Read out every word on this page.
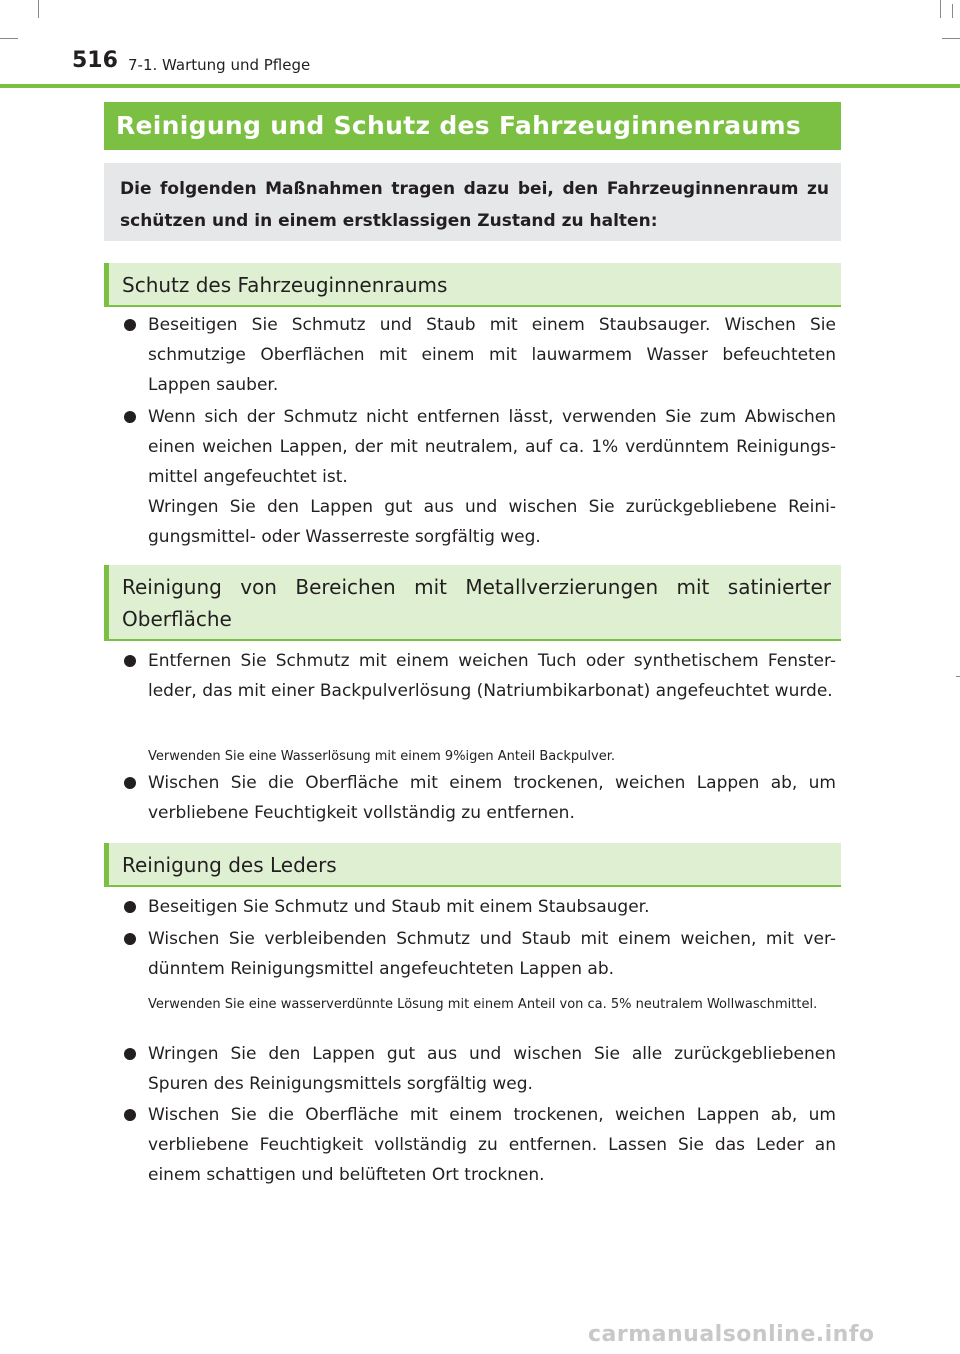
516 7-1. Wartung und Pflege
Reinigung und Schutz des Fahrzeuginnenraums
Die folgenden Maßnahmen tragen dazu bei, den Fahrzeuginnenraum zu schützen und in einem erstklassigen Zustand zu halten:
Schutz des Fahrzeuginnenraums
Beseitigen Sie Schmutz und Staub mit einem Staubsauger. Wischen Sie schmutzige Oberflächen mit einem mit lauwarmem Wasser befeuchteten Lappen sauber.

Wenn sich der Schmutz nicht entfernen lässt, verwenden Sie zum Abwischen einen weichen Lappen, der mit neutralem, auf ca. 1% verdünntem Reinigungs-mittel angefeuchtet ist.

Wringen Sie den Lappen gut aus und wischen Sie zurückgebliebene Reini-gungsmittel- oder Wasserreste sorgfältig weg.

Reinigung von Bereichen mit Metallverzierungen mit satinierter Oberfläche
Entfernen Sie Schmutz mit einem weichen Tuch oder synthetischem Fenster-leder, das mit einer Backpulverlösung (Natriumbikarbonat) angefeuchtet wurde.
Verwenden Sie eine Wasserlösung mit einem 9%igen Anteil Backpulver.
Wischen Sie die Oberfläche mit einem trockenen, weichen Lappen ab, um verbliebene Feuchtigkeit vollständig zu entfernen.
Reinigung des Leders
Beseitigen Sie Schmutz und Staub mit einem Staubsauger.
Wischen Sie verbleibenden Schmutz und Staub mit einem weichen, mit ver-dünntem Reinigungsmittel angefeuchteten Lappen ab.
Verwenden Sie eine wasserverdünnte Lösung mit einem Anteil von ca. 5% neutralem Wollwaschmittel.
Wringen Sie den Lappen gut aus und wischen Sie alle zurückgebliebenen Spuren des Reinigungsmittels sorgfältig weg.
Wischen Sie die Oberfläche mit einem trockenen, weichen Lappen ab, um verbliebene Feuchtigkeit vollständig zu entfernen. Lassen Sie das Leder an einem schattigen und belüfteten Ort trocknen.
carmanualsonline.info
